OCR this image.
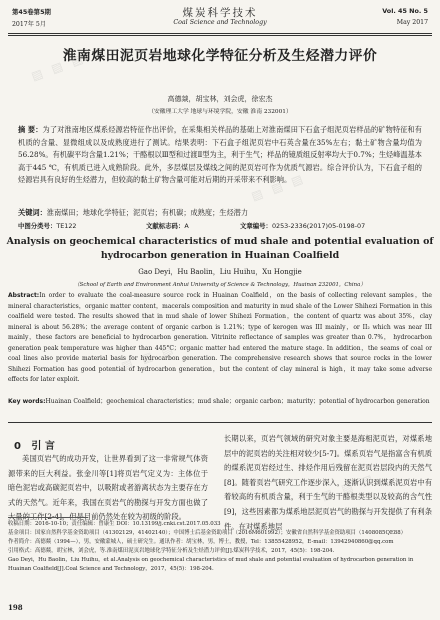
第45卷第5期
2017年 5月
煤炭科学技术
Coal Science and Technology
Vol. 45 No. 5
May 2017
淮南煤田泥页岩地球化学特征分析及生烃潜力评价
高德燚，胡宝林，刘会虎，徐宏杰
（安徽理工大学 地球与环境学院，安徽 淮南 232001）
摘 要：为了对淮南地区煤系烃源岩特征作出评价，在采集相关样品的基础上对淮南煤田下石盒子组泥页岩样品的矿物特征和有机质的含量、显微组成以及成熟度进行了测试。结果表明：下石盒子组泥页岩中石英含量在35%左右；黏土矿物含量均值为56.28%。有机碳平均含量1.21%；干酪根以Ⅲ型和过渡Ⅱ型为主，利于生气；样品的镜质组反射率均大于0.7%；生烃峰温基本高于445 ℃，有机质已进入成熟阶段。此外，多层煤层及煤线之间的泥页岩可作为优质气源岩。综合评价认为，下石盒子组的烃源岩具有良好的生烃潜力，但较高的黏土矿物含量可能对后期的开采带来不利影响。
关键词：淮南煤田；地球化学特征；泥页岩；有机碳；成熟度；生烃潜力
中图分类号：TE122	文献标志码：A	文章编号：0253-2336(2017)05-0198-07
Analysis on geochemical characteristics of mud shale and potential evaluation of hydrocarbon generation in Huainan Coalfield
Gao Deyi，Hu Baolin，Liu Huihu，Xu Hongjie
（School of Earth and Environment Anhui University of Science & Technology，Huainan 232001，China）
Abstract:In order to evaluate the coal-measure source rock in Huainan Coalfield，on the basis of collecting relevant samples，the mineral characteristics，organic matter content，macerals composition and maturity in mud shale of the Lower Shihezi Formation in this coalfield were tested. The results showed that in mud shale of lower Shihezi Formation，the content of quartz was about 35%，clay mineral is about 56.28%；the average content of organic carbon is 1.21%；type of kerogen was III mainly，or II₂ which was near III mainly，these factors are beneficial to hydrocarbon generation. Vitrinite reflectance of samples was greater than 0.7%， hydrocarbon generation peak temperature was higher than 445°C；organic matter had entered the mature stage. In addition，the seams of coal or coal lines also provide material basis for hydrocarbon generation. The comprehensive research shows that source rocks in the lower Shihezi Formation has good potential of hydrocarbon generation，but the content of clay mineral is high，it may take some adverse effects for later exploit.
Key words:Huainan Coalfield；geochemical characteristics；mud shale；organic carbon；maturity；potential of hydrocarbon generation
0 引 言
美国页岩气的成功开发，让世界看到了这一非常规气体资源带来的巨大利益。张金川等[1]将页岩气定义为：主体位于暗色泥岩或高碳泥页岩中，以吸附或者游离状态为主要存在方式的天然气。近年来，我国在页岩气的勘探与开发方面也做了大量的工作[2-4]，但是目前仍然处在较为初级的阶段。
长期以来，页岩气领域的研究对象主要是海相泥页岩，对煤系地层中的泥页岩的关注相对较少[5-7]。煤系页岩气是指富含有机质的煤系泥页岩经过生、排烃作用后残留在泥页岩层段内的天然气[8]。随着页岩气研究工作逐步深入，逐渐认识到煤系泥页岩中有着较高的有机质含量，利于生气的干酪根类型以及较高的含气性[9]，这些因素都为煤系地层泥页岩气的勘探与开发提供了有利条件。在对煤系地层
收稿日期：2016-10-10；责任编辑：曾康生 DOI：10.13199/j.cnki.cst.2017.05.033
基金项目：国家自然科学基金资助项目（41302129，41402140）；中国博士后基金资助项目（2016M601992）；安徽省自然科学基金资助项目（1408085QE88）
作者简介：高德燚（1994—），男，安徽蒙城人，硕士研究生。通讯作者：胡宝林，男，博士，教授，Tel：13855428952，E-mail：13942940860@qq.com
引用格式：高德燚，胡宝林，刘会虎，等.淮南煤田泥页岩地球化学特征分析及生烃潜力评价[J].煤炭科学技术，2017，45(5)：198-204.
Gao Deyi，Hu Baolin，Liu Huihu，et al.Analysis on geochemical characteristics of mud shale and potential evaluation of hydrocarbon generation in Huainan Coalfield[J].Coal Science and Technology，2017，45(5)：198-204.
198
▧ ▧ ▧
▧ ▧ ▧
▧ ▧ ▧
▧ ▧ ▧
